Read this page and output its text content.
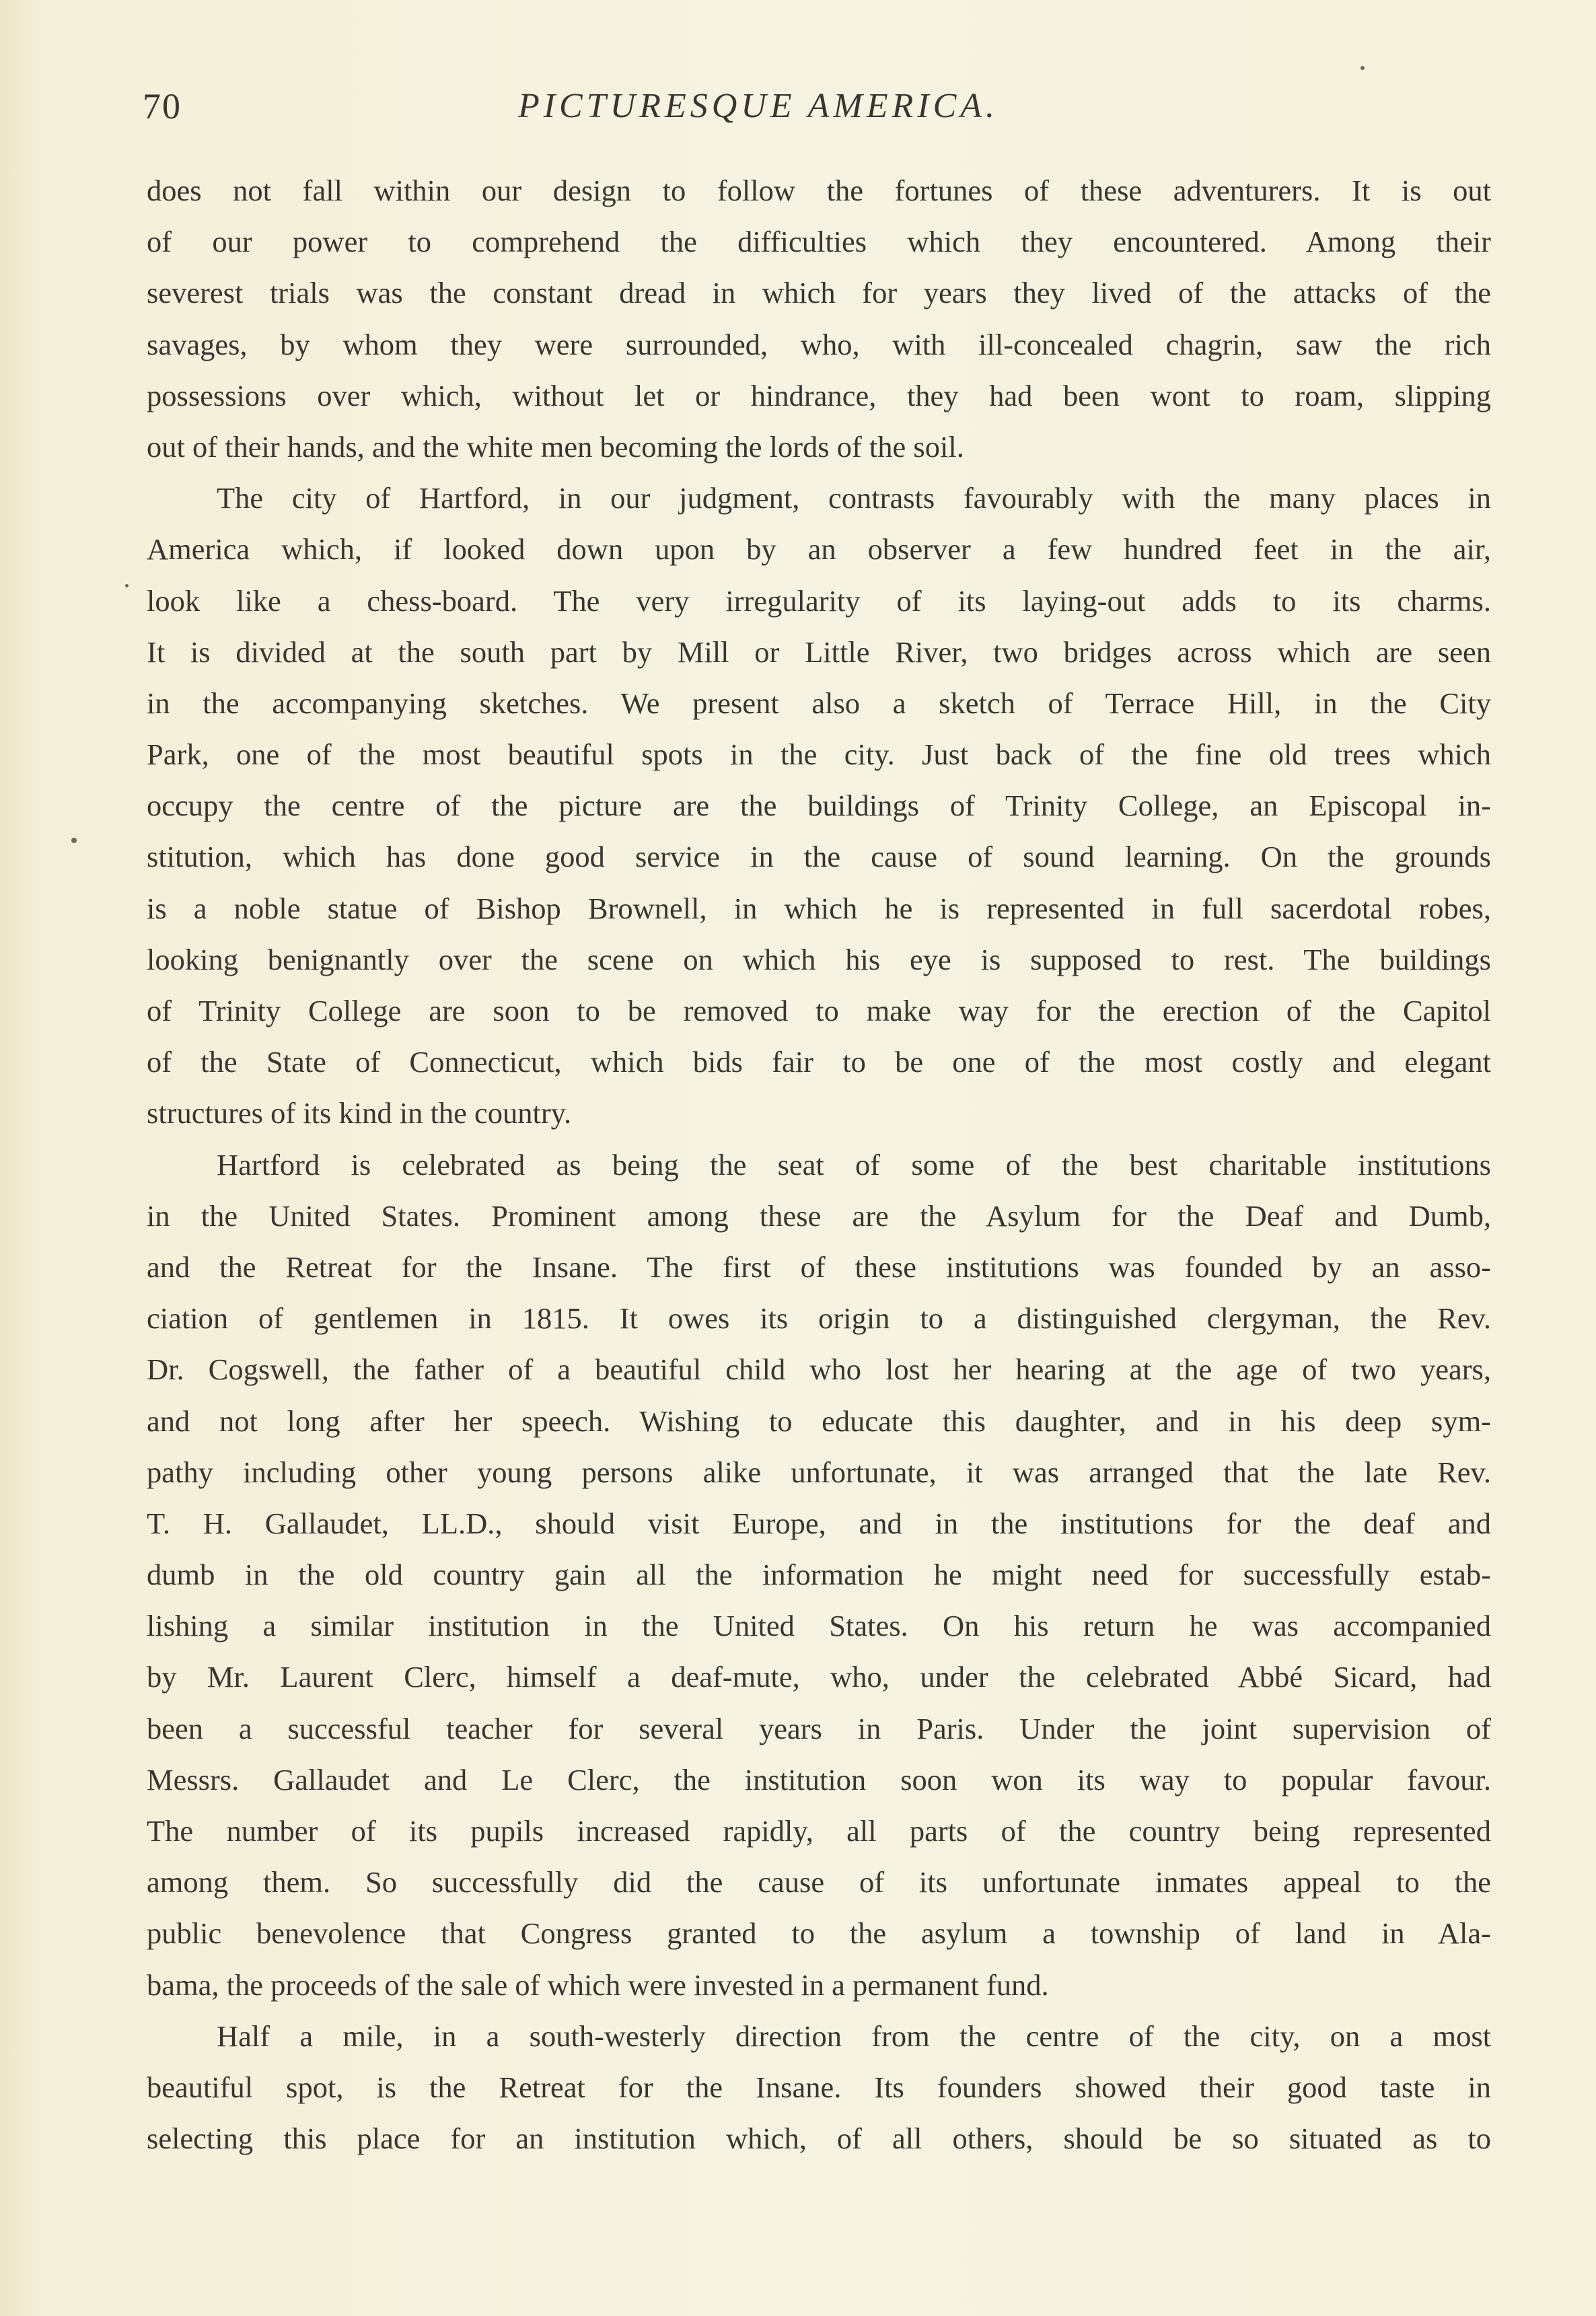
70	PICTURESQUE AMERICA.
does not fall within our design to follow the fortunes of these adventurers. It is out
of our power to comprehend the difficulties which they encountered. Among their
severest trials was the constant dread in which for years they lived of the attacks of the
savages, by whom they were surrounded, who, with ill-concealed chagrin, saw the rich
possessions over which, without let or hindrance, they had been wont to roam, slipping
out of their hands, and the white men becoming the lords of the soil.
The city of Hartford, in our judgment, contrasts favourably with the many places in
America which, if looked down upon by an observer a few hundred feet in the air,
look like a chess-board. The very irregularity of its laying-out adds to its charms.
It is divided at the south part by Mill or Little River, two bridges across which are seen
in the accompanying sketches. We present also a sketch of Terrace Hill, in the City
Park, one of the most beautiful spots in the city. Just back of the fine old trees which
occupy the centre of the picture are the buildings of Trinity College, an Episcopal in-
stitution, which has done good service in the cause of sound learning. On the grounds
is a noble statue of Bishop Brownell, in which he is represented in full sacerdotal robes,
looking benignantly over the scene on which his eye is supposed to rest. The buildings
of Trinity College are soon to be removed to make way for the erection of the Capitol
of the State of Connecticut, which bids fair to be one of the most costly and elegant
structures of its kind in the country.
Hartford is celebrated as being the seat of some of the best charitable institutions
in the United States. Prominent among these are the Asylum for the Deaf and Dumb,
and the Retreat for the Insane. The first of these institutions was founded by an asso-
ciation of gentlemen in 1815. It owes its origin to a distinguished clergyman, the Rev.
Dr. Cogswell, the father of a beautiful child who lost her hearing at the age of two years,
and not long after her speech. Wishing to educate this daughter, and in his deep sym-
pathy including other young persons alike unfortunate, it was arranged that the late Rev.
T. H. Gallaudet, LL.D., should visit Europe, and in the institutions for the deaf and
dumb in the old country gain all the information he might need for successfully estab-
lishing a similar institution in the United States. On his return he was accompanied
by Mr. Laurent Clerc, himself a deaf-mute, who, under the celebrated Abbé Sicard, had
been a successful teacher for several years in Paris. Under the joint supervision of
Messrs. Gallaudet and Le Clerc, the institution soon won its way to popular favour.
The number of its pupils increased rapidly, all parts of the country being represented
among them. So successfully did the cause of its unfortunate inmates appeal to the
public benevolence that Congress granted to the asylum a township of land in Ala-
bama, the proceeds of the sale of which were invested in a permanent fund.
Half a mile, in a south-westerly direction from the centre of the city, on a most
beautiful spot, is the Retreat for the Insane. Its founders showed their good taste in
selecting this place for an institution which, of all others, should be so situated as to
